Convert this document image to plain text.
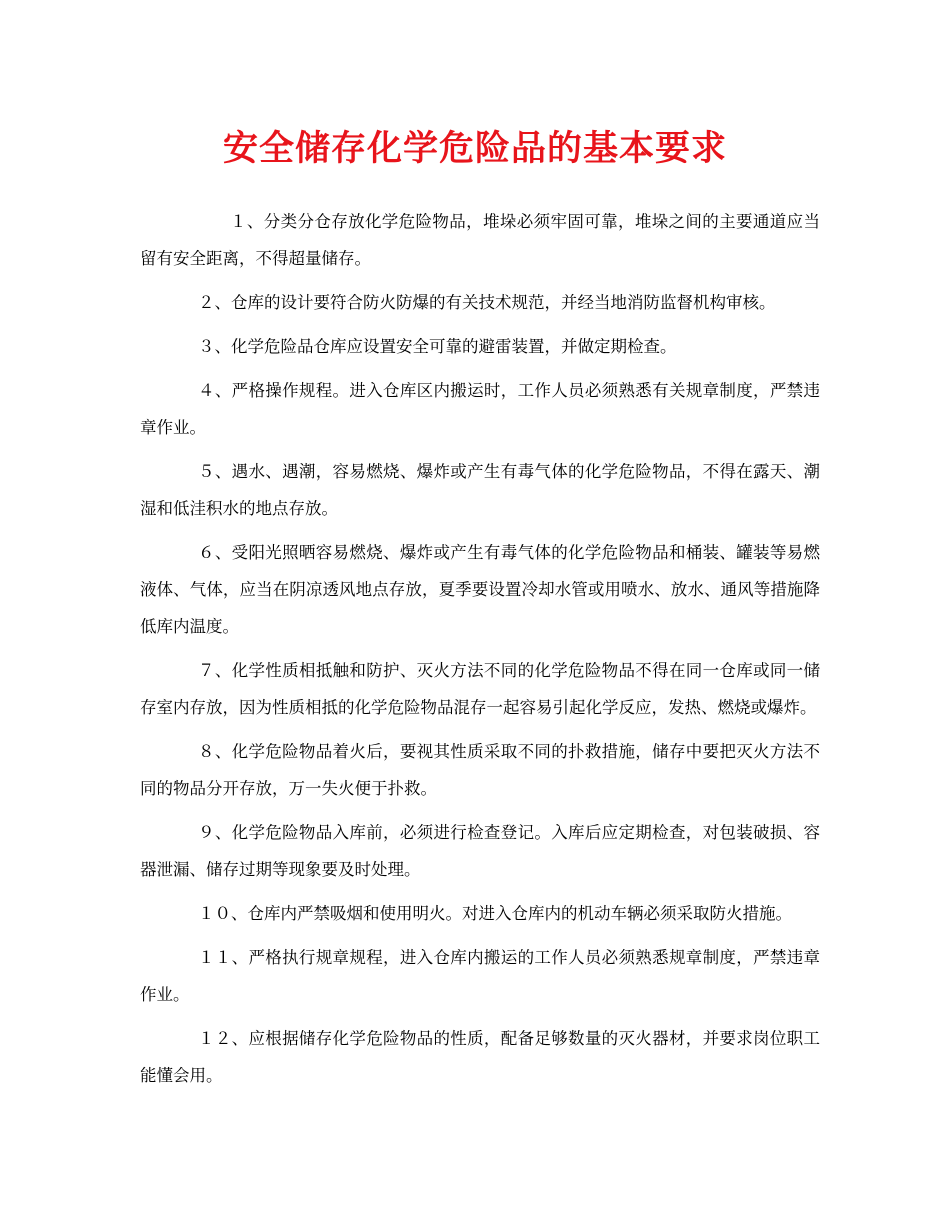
安全储存化学危险品的基本要求

１、分类分仓存放化学危险物品，堆垛必须牢固可靠，堆垛之间的主要通道应当留有安全距离，不得超量储存。

２、仓库的设计要符合防火防爆的有关技术规范，并经当地消防监督机构审核。

３、化学危险品仓库应设置安全可靠的避雷装置，并做定期检查。

４、严格操作规程。进入仓库区内搬运时，工作人员必须熟悉有关规章制度，严禁违章作业。

５、遇水、遇潮，容易燃烧、爆炸或产生有毒气体的化学危险物品，不得在露天、潮湿和低洼积水的地点存放。

６、受阳光照晒容易燃烧、爆炸或产生有毒气体的化学危险物品和桶装、罐装等易燃液体、气体，应当在阴凉透风地点存放，夏季要设置冷却水管或用喷水、放水、通风等措施降低库内温度。

７、化学性质相抵触和防护、灭火方法不同的化学危险物品不得在同一仓库或同一储存室内存放，因为性质相抵的化学危险物品混存一起容易引起化学反应，发热、燃烧或爆炸。

８、化学危险物品着火后，要视其性质采取不同的扑救措施，储存中要把灭火方法不同的物品分开存放，万一失火便于扑救。

９、化学危险物品入库前，必须进行检查登记。入库后应定期检查，对包装破损、容器泄漏、储存过期等现象要及时处理。

１０、仓库内严禁吸烟和使用明火。对进入仓库内的机动车辆必须采取防火措施。

１１、严格执行规章规程，进入仓库内搬运的工作人员必须熟悉规章制度，严禁违章作业。

１２、应根据储存化学危险物品的性质，配备足够数量的灭火器材，并要求岗位职工能懂会用。
